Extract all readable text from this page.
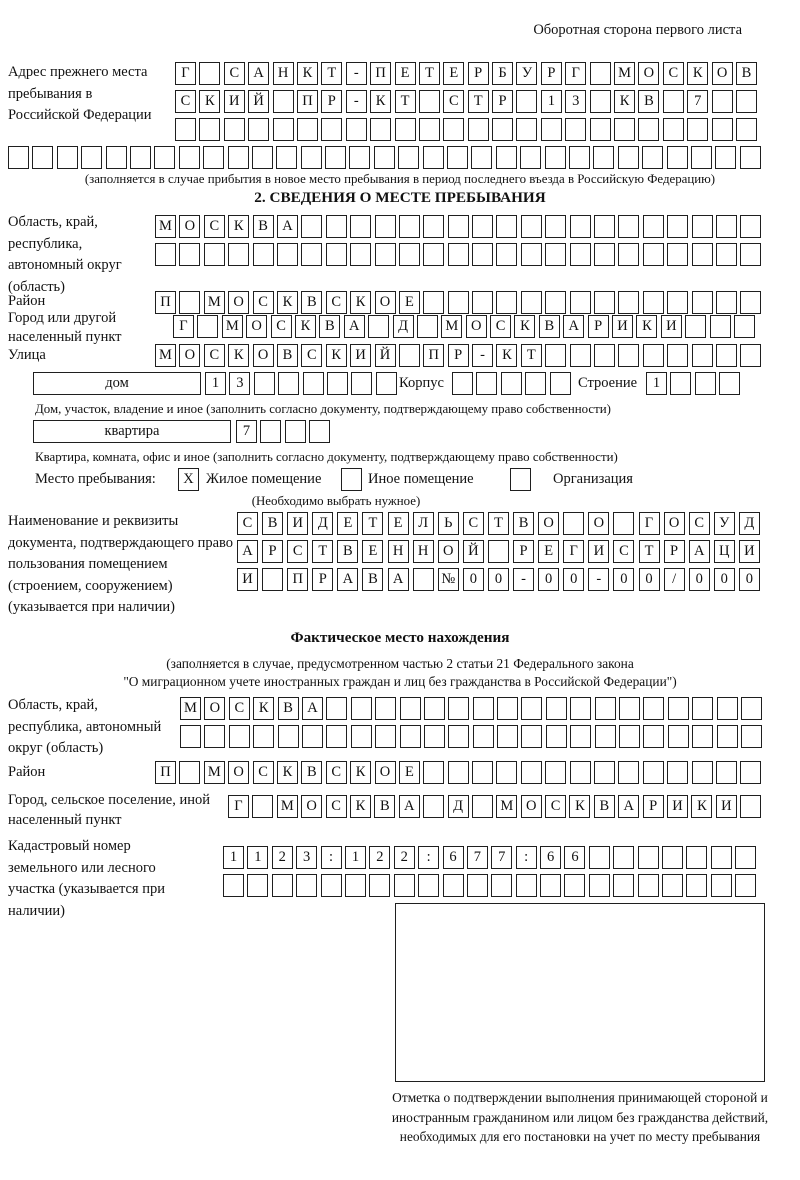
Оборотная сторона первого листа
Адрес прежнего места пребывания в Российской Федерации
Г	С А Н К	Т	-	П	Е	Т	Е	Р	Б	У	Р	Г	М О С	К О В
С	К И Й	П	Р	-	К	Т	С	Т	Р	1	3	К	В	7
(заполняется в случае прибытия в новое место пребывания в период последнего въезда в Российскую Федерацию)
2. СВЕДЕНИЯ О МЕСТЕ ПРЕБЫВАНИЯ
Область, край, республика, автономный округ (область)
М О С	К	В А
Район	П	М О С	К	В	С	К О	Е
Город или другой населенный пункт
Г	М О С	К	В А	Д	М О С	К	В А	Р	И К И
Улица	М О С	К О В	С	К И Й	П	Р	-	К	Т
дом	1	3	Корпус	Строение	1
Дом, участок, владение и иное (заполнить согласно документу, подтверждающему право собственности)
квартира	7
Квартира, комната, офис и иное (заполнить согласно документу, подтверждающему право собственности)
Место пребывания:	X Жилое помещение	Иное помещение	Организация
(Необходимо выбрать нужное)
Наименование и реквизиты документа, подтверждающего право пользования помещением (строением, сооружением) (указывается при наличии)
С	В	И	Д	Е	Т	Е	Л	Ь	С	Т	В	О	О	Г	О	С	У	Д
А	Р	С	Т	В	Е	Н	Н	О	Й	Р	Е	Г	И	С	Т	Р	А	Ц	И
И	П	Р	А	В	А	№	0	0	-	0	0	-	0	0	/	0	0	0
Фактическое место нахождения
(заполняется в случае, предусмотренном частью 2 статьи 21 Федерального закона
"О миграционном учете иностранных граждан и лиц без гражданства в Российской Федерации")
Область, край, республика, автономный округ (область)
М О С	К	В А
Район	П	М О С	К	В	С	К О	Е
Город, сельское поселение, иной населенный пункт
Г	М О С	К	В А	Д	М О С	К	В А	Р	И К И
Кадастровый номер земельного или лесного участка (указывается при наличии)
1	1	2	3	:	1	2	2	:	6	7	7	:	6	6
Отметка о подтверждении выполнения принимающей стороной и иностранным гражданином или лицом без гражданства действий, необходимых для его постановки на учет по месту пребывания
